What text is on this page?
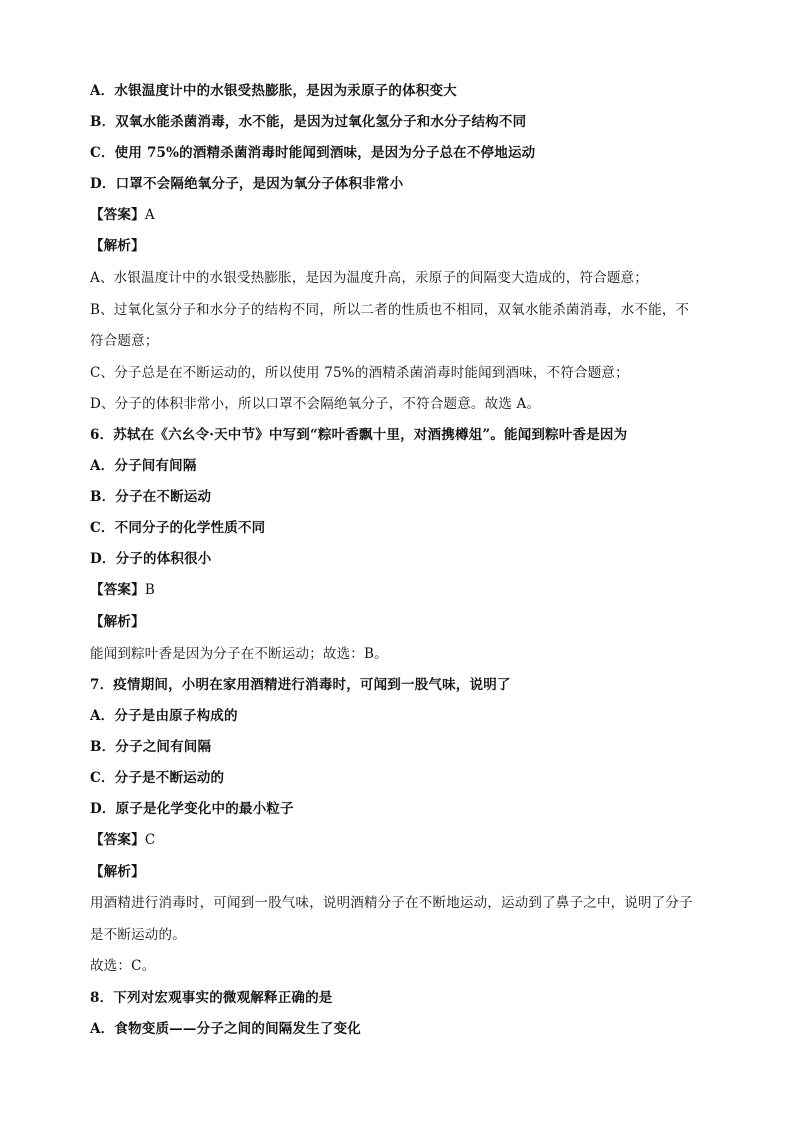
A．水银温度计中的水银受热膨胀，是因为汞原子的体积变大
B．双氧水能杀菌消毒，水不能，是因为过氧化氢分子和水分子结构不同
C．使用 75%的酒精杀菌消毒时能闻到酒味，是因为分子总在不停地运动
D．口罩不会隔绝氧分子，是因为氧分子体积非常小
【答案】A
【解析】
A、水银温度计中的水银受热膨胀，是因为温度升高，汞原子的间隔变大造成的，符合题意；
B、过氧化氢分子和水分子的结构不同，所以二者的性质也不相同，双氧水能杀菌消毒，水不能，不
符合题意；
C、分子总是在不断运动的，所以使用 75%的酒精杀菌消毒时能闻到酒味，不符合题意；
D、分子的体积非常小，所以口罩不会隔绝氧分子，不符合题意。故选 A。
6．苏轼在《六幺令·天中节》中写到“粽叶香飘十里，对酒携樽俎”。能闻到粽叶香是因为
A．分子间有间隔
B．分子在不断运动
C．不同分子的化学性质不同
D．分子的体积很小
【答案】B
【解析】
能闻到粽叶香是因为分子在不断运动；故选：B。
7．疫情期间，小明在家用酒精进行消毒时，可闻到一股气味，说明了
A．分子是由原子构成的
B．分子之间有间隔
C．分子是不断运动的
D．原子是化学变化中的最小粒子
【答案】C
【解析】
用酒精进行消毒时，可闻到一股气味，说明酒精分子在不断地运动，运动到了鼻子之中，说明了分子
是不断运动的。
故选：C。
8．下列对宏观事实的微观解释正确的是
A．食物变质——分子之间的间隔发生了变化
